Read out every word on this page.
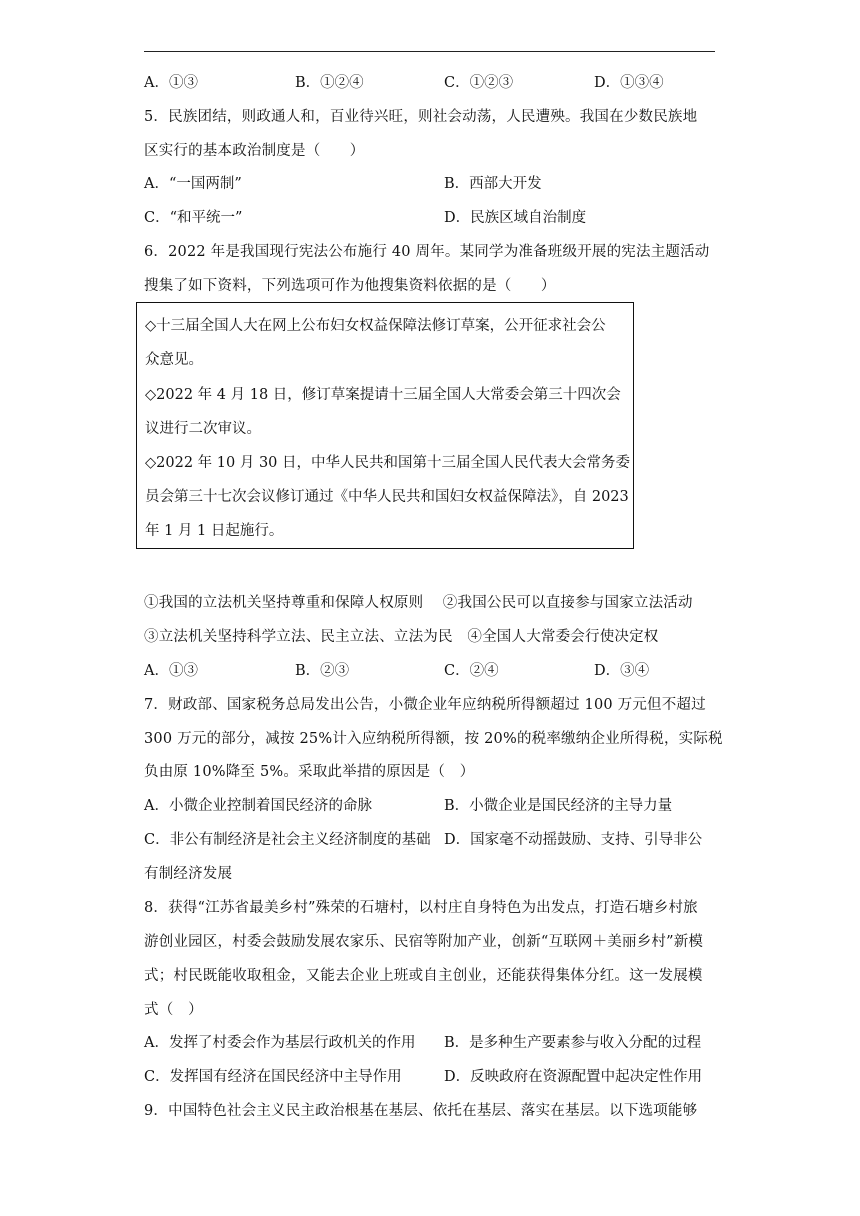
A．①③	B．①②④	C．①②③	D．①③④
5．民族团结，则政通人和，百业待兴旺，则社会动荡，人民遭殃。我国在少数民族地
区实行的基本政治制度是（　　）
A．“一国两制”	B．西部大开发
C．“和平统一”	D．民族区域自治制度
6．2022 年是我国现行宪法公布施行 40 周年。某同学为准备班级开展的宪法主题活动
搜集了如下资料，下列选项可作为他搜集资料依据的是（　　）
◇十三届全国人大在网上公布妇女权益保障法修订草案，公开征求社会公
众意见。
◇2022 年 4 月 18 日，修订草案提请十三届全国人大常委会第三十四次会
议进行二次审议。
◇2022 年 10 月 30 日，中华人民共和国第十三届全国人民代表大会常务委
员会第三十七次会议修订通过《中华人民共和国妇女权益保障法》，自 2023
年 1 月 1 日起施行。
①我国的立法机关坚持尊重和保障人权原则　 ②我国公民可以直接参与国家立法活动
③立法机关坚持科学立法、民主立法、立法为民　④全国人大常委会行使决定权
A．①③	B．②③	C．②④	D．③④
7．财政部、国家税务总局发出公告，小微企业年应纳税所得额超过 100 万元但不超过
300 万元的部分，减按 25%计入应纳税所得额，按 20%的税率缴纳企业所得税，实际税
负由原 10%降至 5%。采取此举措的原因是（　）
A．小微企业控制着国民经济的命脉	B．小微企业是国民经济的主导力量
C．非公有制经济是社会主义经济制度的基础 D．国家毫不动摇鼓励、支持、引导非公
有制经济发展
8．获得“江苏省最美乡村”殊荣的石塘村，以村庄自身特色为出发点，打造石塘乡村旅
游创业园区，村委会鼓励发展农家乐、民宿等附加产业，创新“互联网＋美丽乡村”新模
式；村民既能收取租金，又能去企业上班或自主创业，还能获得集体分红。这一发展模
式（　）
A．发挥了村委会作为基层行政机关的作用 B．是多种生产要素参与收入分配的过程
C．发挥国有经济在国民经济中主导作用	D．反映政府在资源配置中起决定性作用
9．中国特色社会主义民主政治根基在基层、依托在基层、落实在基层。以下选项能够
